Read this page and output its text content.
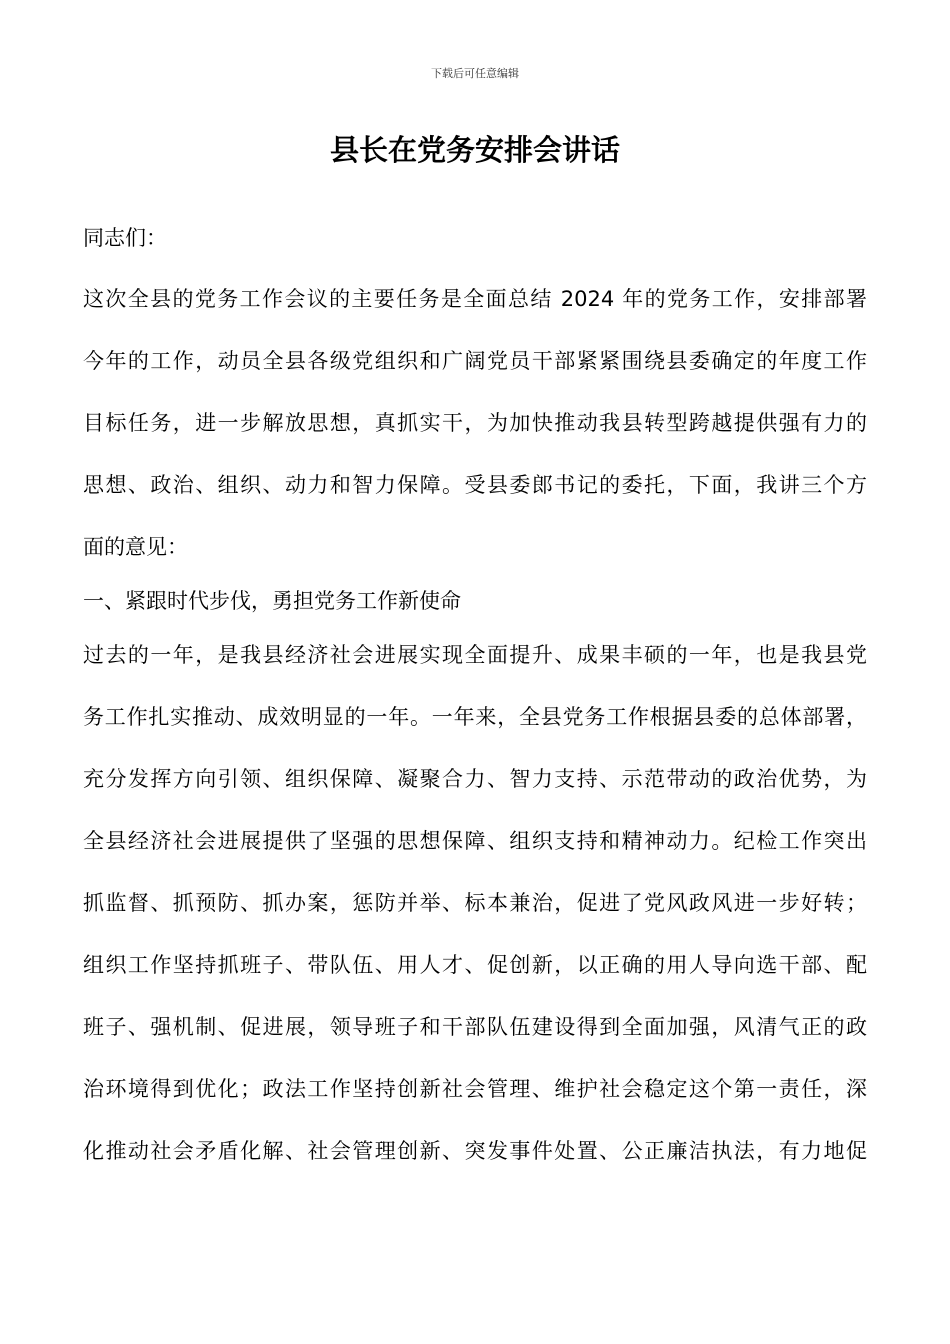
下载后可任意编辑
县长在党务安排会讲话

同志们：

这次全县的党务工作会议的主要任务是全面总结 2024 年的党务工作，安排部署
今年的工作，动员全县各级党组织和广阔党员干部紧紧围绕县委确定的年度工作
目标任务，进一步解放思想，真抓实干，为加快推动我县转型跨越提供强有力的
思想、政治、组织、动力和智力保障。受县委郎书记的委托，下面，我讲三个方
面的意见：
一、紧跟时代步伐，勇担党务工作新使命
过去的一年，是我县经济社会进展实现全面提升、成果丰硕的一年，也是我县党
务工作扎实推动、成效明显的一年。一年来，全县党务工作根据县委的总体部署，
充分发挥方向引领、组织保障、凝聚合力、智力支持、示范带动的政治优势，为
全县经济社会进展提供了坚强的思想保障、组织支持和精神动力。纪检工作突出
抓监督、抓预防、抓办案，惩防并举、标本兼治，促进了党风政风进一步好转；
组织工作坚持抓班子、带队伍、用人才、促创新，以正确的用人导向选干部、配
班子、强机制、促进展，领导班子和干部队伍建设得到全面加强，风清气正的政
治环境得到优化；政法工作坚持创新社会管理、维护社会稳定这个第一责任，深
化推动社会矛盾化解、社会管理创新、突发事件处置、公正廉洁执法，有力地促
